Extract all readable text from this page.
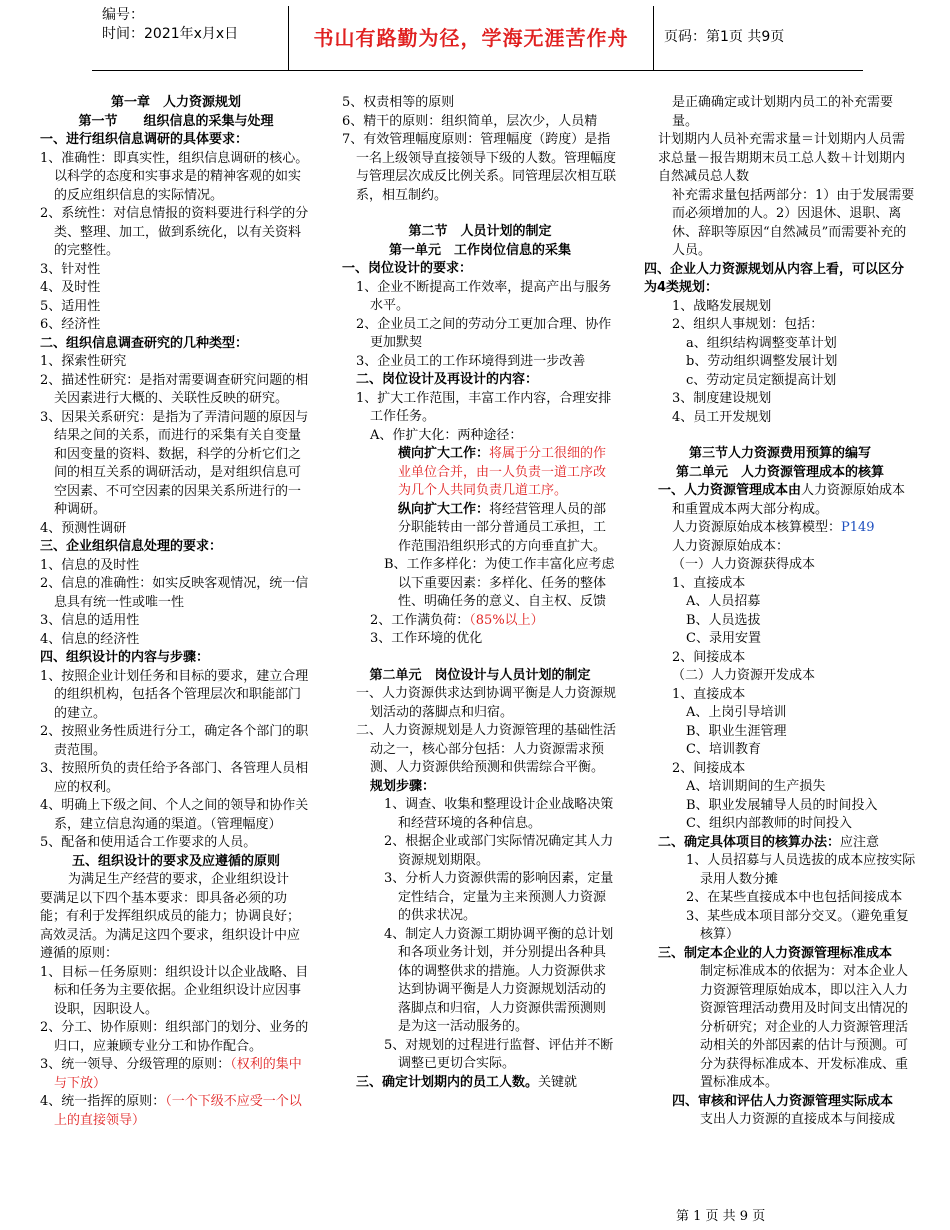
编号：
时间：2021年x月x日	书山有路勤为径，学海无涯苦作舟	页码：第1页 共9页
第一章　人力资源规划
第一节　　组织信息的采集与处理
一、进行组织信息调研的具体要求：
1、准确性：即真实性，组织信息调研的核心。以科学的态度和实事求是的精神客观的如实的反应组织信息的实际情况。
2、系统性：对信息情报的资料要进行科学的分类、整理、加工，做到系统化，以有关资料的完整性。
3、针对性
4、及时性
5、适用性
6、经济性
二、组织信息调查研究的几种类型：
1、探索性研究
2、描述性研究：是指对需要调查研究问题的相关因素进行大概的、关联性反映的研究。
3、因果关系研究：是指为了弄清问题的原因与结果之间的关系，而进行的采集有关自变量和因变量的资料、数据，科学的分析它们之间的相互关系的调研活动，是对组织信息可空因素、不可空因素的因果关系所进行的一种调研。
4、预测性调研
三、企业组织信息处理的要求：
1、信息的及时性
2、信息的准确性：如实反映客观情况，统一信息具有统一性或唯一性
3、信息的适用性
4、信息的经济性
四、组织设计的内容与步骤：
1、按照企业计划任务和目标的要求，建立合理的组织机构，包括各个管理层次和职能部门的建立。
2、按照业务性质进行分工，确定各个部门的职责范围。
3、按照所负的责任给予各部门、各管理人员相应的权利。
4、明确上下级之间、个人之间的领导和协作关系，建立信息沟通的渠道。（管理幅度）
5、配备和使用适合工作要求的人员。
五、组织设计的要求及应遵循的原则
为满足生产经营的要求，企业组织设计
要满足以下四个基本要求：即具备必须的功能；有利于发挥组织成员的能力；协调良好；高效灵活。为满足这四个要求，组织设计中应遵循的原则：
1、目标－任务原则：组织设计以企业战略、目标和任务为主要依据。企业组织设计应因事设职，因职设人。
2、分工、协作原则：组织部门的划分、业务的归口，应兼顾专业分工和协作配合。
3、统一领导、分级管理的原则：（权利的集中与下放）
4、统一指挥的原则：（一个下级不应受一个以上的直接领导）
5、权责相等的原则
6、精干的原则：组织简单，层次少，人员精
7、有效管理幅度原则：管理幅度（跨度）是指一名上级领导直接领导下级的人数。管理幅度与管理层次成反比例关系。同管理层次相互联系，相互制约。
第二节　人员计划的制定
第一单元　工作岗位信息的采集
一、岗位设计的要求：
1、企业不断提高工作效率，提高产出与服务水平。
2、企业员工之间的劳动分工更加合理、协作更加默契
3、企业员工的工作环境得到进一步改善
二、岗位设计及再设计的内容：
1、扩大工作范围，丰富工作内容，合理安排工作任务。
A、作扩大化：两种途径：
横向扩大工作：将属于分工很细的作业单位合并，由一人负责一道工序改为几个人共同负责几道工序。
纵向扩大工作：将经营管理人员的部分职能转由一部分普通员工承担，工作范围沿组织形式的方向垂直扩大。
B、工作多样化：为使工作丰富化应考虑以下重要因素：多样化、任务的整体性、明确任务的意义、自主权、反馈
2、工作满负荷：（85%以上）
3、工作环境的优化
第二单元　岗位设计与人员计划的制定
一、人力资源供求达到协调平衡是人力资源规划活动的落脚点和归宿。
二、人力资源规划是人力资源管理的基础性活动之一，核心部分包括：人力资源需求预测、人力资源供给预测和供需综合平衡。
规划步骤：
1、调查、收集和整理设计企业战略决策和经营环境的各种信息。
2、根据企业或部门实际情况确定其人力资源规划期限。
3、分析人力资源供需的影响因素，定量定性结合，定量为主来预测人力资源的供求状况。
4、制定人力资源工期协调平衡的总计划和各项业务计划，并分别提出各种具体的调整供求的措施。人力资源供求达到协调平衡是人力资源规划活动的落脚点和归宿，人力资源供需预测则是为这一活动服务的。
5、对规划的过程进行监督、评估并不断调整已更切合实际。
三、确定计划期内的员工人数。关键就
是正确确定或计划期内员工的补充需要量。
计划期内人员补充需求量＝计划期内人员需求总量－报告期期末员工总人数＋计划期内自然减员总人数
补充需求量包括两部分：1）由于发展需要而必须增加的人。2）因退休、退职、离休、辞职等原因“自然减员”而需要补充的人员。
四、企业人力资源规划从内容上看，可以区分为4类规划：
1、战略发展规划
2、组织人事规划：包括：
a、组织结构调整变革计划
b、劳动组织调整发展计划
c、劳动定员定额提高计划
3、制度建设规划
4、员工开发规划
第三节人力资源费用预算的编写
第二单元　人力资源管理成本的核算
一、人力资源管理成本由人力资源原始成本和重置成本两大部分构成。
人力资源原始成本核算模型：P149
人力资源原始成本：
（一）人力资源获得成本
1、直接成本
A、人员招募
B、人员选拔
C、录用安置
2、间接成本
（二）人力资源开发成本
1、直接成本
A、上岗引导培训
B、职业生涯管理
C、培训教育
2、间接成本
A、培训期间的生产损失
B、职业发展辅导人员的时间投入
C、组织内部教师的时间投入
二、确定具体项目的核算办法：应注意
1、人员招募与人员选拔的成本应按实际录用人数分摊
2、在某些直接成本中也包括间接成本
3、某些成本项目部分交叉。（避免重复核算）
三、制定本企业的人力资源管理标准成本
制定标准成本的依据为：对本企业人力资源管理原始成本，即以注入人力资源管理活动费用及时间支出情况的分析研究；对企业的人力资源管理活动相关的外部因素的估计与预测。可分为获得标准成本、开发标准成、重置标准成本。
四、审核和评估人力资源管理实际成本
支出人力资源的直接成本与间接成
第 1 页 共 9 页
